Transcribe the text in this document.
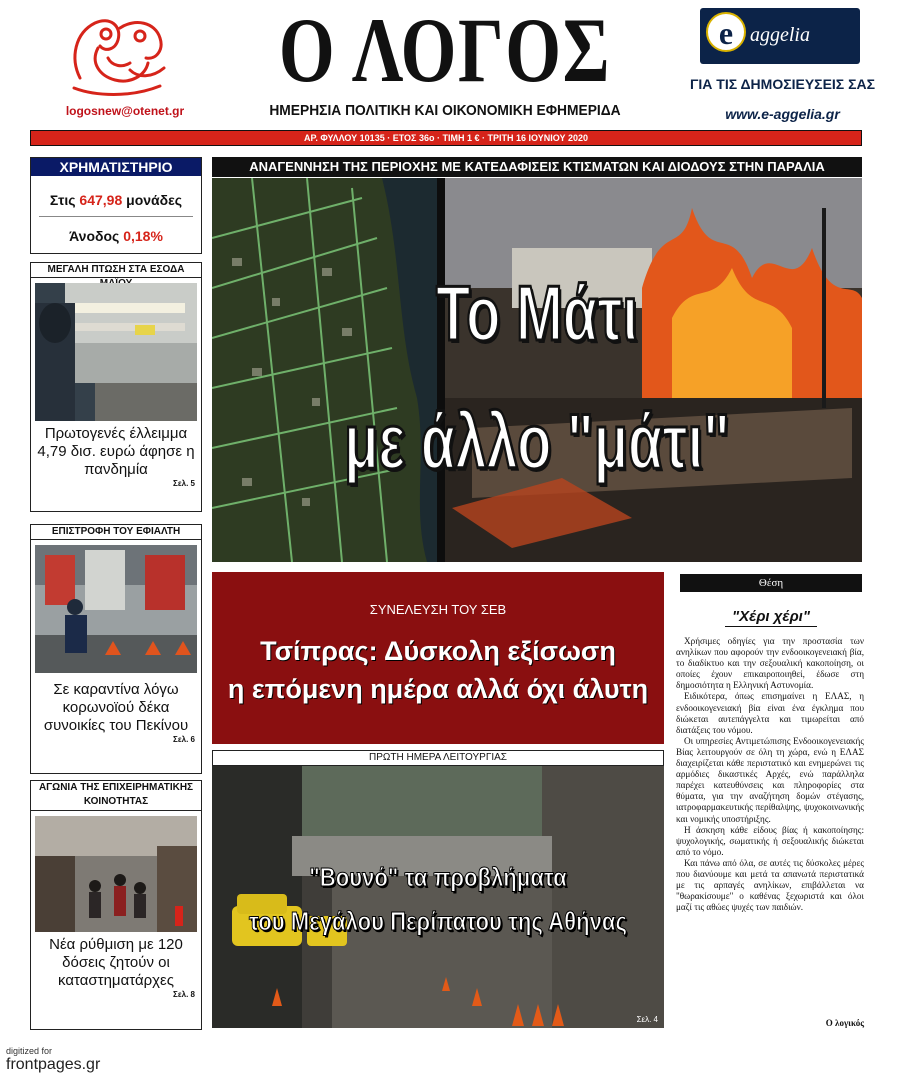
logosnew@otenet.gr
Ο ΛΟΓΟΣ
ΗΜΕΡΗΣΙΑ ΠΟΛΙΤΙΚΗ ΚΑΙ ΟΙΚΟΝΟΜΙΚΗ ΕΦΗΜΕΡΙΔΑ
e aggelia
ΓΙΑ ΤΙΣ ΔΗΜΟΣΙΕΥΣΕΙΣ ΣΑΣ
www.e-aggelia.gr
ΑΡ. ΦΥΛΛΟΥ 10135 · ΕΤΟΣ 36ο · ΤΙΜΗ 1 € · ΤΡΙΤΗ 16 ΙΟΥΝΙΟΥ 2020
ΧΡΗΜΑΤΙΣΤΗΡΙΟ
Στις 647,98 μονάδες
Άνοδος 0,18%
ΜΕΓΑΛΗ ΠΤΩΣΗ ΣΤΑ ΕΣΟΔΑ
Πρωτογενές έλλειμμα 4,79 δισ. ευρώ άφησε η πανδημία
Σελ. 5
ΕΠΙΣΤΡΟΦΗ ΤΟΥ ΕΦΙΑΛΤΗ
Σε καραντίνα λόγω κορωνοϊού δέκα συνοικίες του Πεκίνου
Σελ. 6
ΑΓΩΝΙΑ ΤΗΣ ΕΠΙΧΕΙΡΗΜΑΤΙΚΗΣ ΚΟΙΝΟΤΗΤΑΣ
Νέα ρύθμιση με 120 δόσεις ζητούν οι καταστηματάρχες
Σελ. 8
ΑΝΑΓΕΝΝΗΣΗ ΤΗΣ ΠΕΡΙΟΧΗΣ ΜΕ ΚΑΤΕΔΑΦΙΣΕΙΣ ΚΤΙΣΜΑΤΩΝ ΚΑΙ ΔΙΟΔΟΥΣ ΣΤΗΝ ΠΑΡΑΛΙΑ
Το Μάτι
με άλλο "μάτι"
ΣΥΝΕΛΕΥΣΗ ΤΟΥ ΣΕΒ
Τσίπρας: Δύσκολη εξίσωση
η επόμενη ημέρα αλλά όχι άλυτη
ΠΡΩΤΗ ΗΜΕΡΑ ΛΕΙΤΟΥΡΓΙΑΣ
"Βουνό" τα προβλήματα
του Μεγάλου Περίπατου της Αθήνας
Σελ. 4
Θέση
"Χέρι χέρι"

Χρήσιμες οδηγίες για την προστασία των ανηλίκων που αφορούν την ενδοοικογενειακή βία, το διαδίκτυο και την σεξουαλική κακοποίηση, οι οποίες έχουν επικαιροποιηθεί, έδωσε στη δημοσιότητα η Ελληνική Αστυνομία.

Ειδικότερα, όπως επισημαίνει η ΕΛΑΣ, η ενδοοικογενειακή βία είναι ένα έγκλημα που διώκεται αυτεπάγγελτα και τιμωρείται από διατάξεις του νόμου.

Οι υπηρεσίες Αντιμετώπισης Ενδοοικογενειακής Βίας λειτουργούν σε όλη τη χώρα, ενώ η ΕΛΑΣ διαχειρίζεται κάθε περιστατικό και ενημερώνει τις αρμόδιες δικαστικές Αρχές, ενώ παράλληλα παρέχει κατευθύνσεις και πληροφορίες στα θύματα, για την αναζήτηση δομών στέγασης, ιατροφαρμακευτικής περίθαλψης, ψυχοκοινωνικής και νομικής υποστήριξης.

Η άσκηση κάθε είδους βίας ή κακοποίησης: ψυχολογικής, σωματικής ή σεξουαλικής διώκεται από το νόμο.

Και πάνω από όλα, σε αυτές τις δύσκολες μέρες που διανύουμε και μετά τα απανωτά περιστατικά με τις αρπαγές ανηλίκων, επιβάλλεται να "θωρακίσουμε" ο καθένας ξεχωριστά και όλοι μαζί τις αθώες ψυχές των παιδιών.

Ο λογικός
digitized for
frontpages.gr
